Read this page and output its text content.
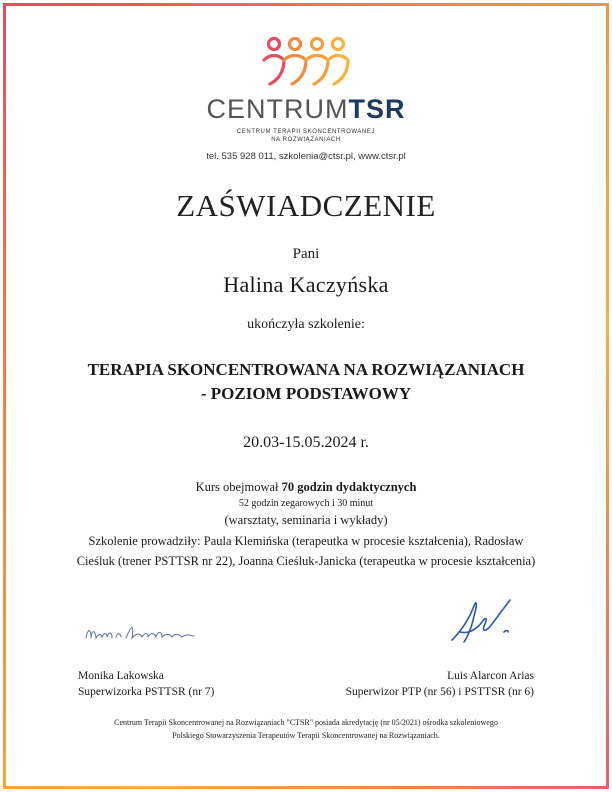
CENTRUMTSR
CENTRUM TERAPII SKONCENTROWANEJ
NA ROZWIĄZANIACH
tel. 535 928 011, szkolenia@ctsr.pl, www.ctsr.pl
ZAŚWIADCZENIE
Pani
Halina Kaczyńska
ukończyła szkolenie:
TERAPIA SKONCENTROWANA NA ROZWIĄZANIACH
- POZIOM PODSTAWOWY
20.03-15.05.2024 r.
Kurs obejmował 70 godzin dydaktycznych
52 godzin zegarowych i 30 minut
(warsztaty, seminaria i wykłady)
Szkolenie prowadziły: Paula Klemińska (terapeutka w procesie kształcenia), Radosław Cieśluk (trener PSTTSR nr 22), Joanna Cieśluk-Janicka (terapeutka w procesie kształcenia)
Monika Lakowska
Superwizorka PSTTSR (nr 7)
Luis Alarcon Arias
Superwizor PTP (nr 56) i PSTTSR (nr 6)
Centrum Terapii Skoncentrowanej na Rozwiązaniach "CTSR" posiada akredytację (nr 05/2021) ośrodka szkoleniowego
Polskiego Stowarzyszenia Terapeutów Terapii Skoncentrowanej na Rozwiązaniach.
